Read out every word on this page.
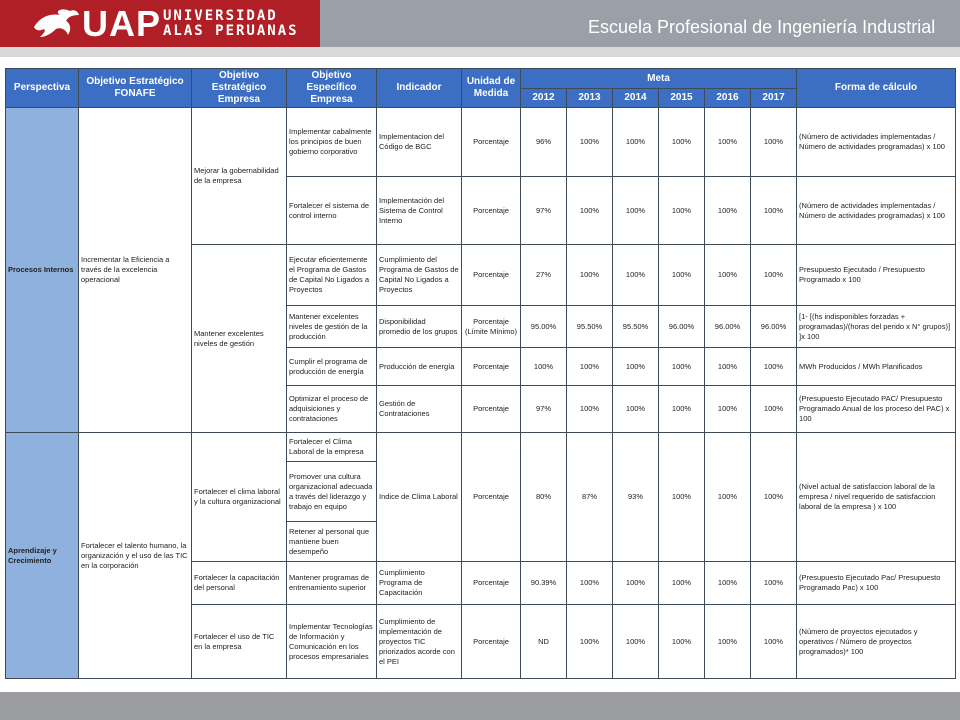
UAP UNIVERSIDAD
ALAS PERUANAS	Escuela Profesional de Ingeniería Industrial
Perspectiva	Objetivo Estratégico FONAFE	Objetivo Estratégico Empresa	Objetivo Específico Empresa	Indicador	Unidad de Medida	Meta						Forma de cálculo
						2012	2013	2014	2015	2016	2017	
Procesos Internos	Incrementar la Eficiencia a través de la excelencia operacional	Mejorar la gobernabilidad de la empresa	Implementar cabalmente los principios de buen gobierno corporativo	Implementacion del Código de BGC	Porcentaje	96%	100%	100%	100%	100%	100%	(Número de actividades implementadas / Número de actividades programadas) x 100
			Fortalecer el sistema de control interno	Implementación del Sistema de Control Interno	Porcentaje	97%	100%	100%	100%	100%	100%	(Número de actividades implementadas / Número de actividades programadas) x 100
		Mantener excelentes niveles de gestión	Ejecutar eficientemente el Programa de Gastos de Capital No Ligados a Proyectos	Cumplimiento del Programa de Gastos de Capital No Ligados a Proyectos	Porcentaje	27%	100%	100%	100%	100%	100%	Presupuesto Ejecutado / Presupuesto Programado x 100
			Mantener excelentes niveles de gestión de la producción	Disponibilidad promedio de los grupos	Porcentaje (Límite Mínimo)	95.00%	95.50%	95.50%	96.00%	96.00%	96.00%	[1- [(hs indisponibles forzadas + programadas)/(horas del perido x N° grupos)] ]x 100
			Cumplir el programa de producción de energía	Producción de energía	Porcentaje	100%	100%	100%	100%	100%	100%	MWh Producidos / MWh Planificados
			Optimizar el proceso de adquisiciones y contrataciones	Gestión de Contrataciones	Porcentaje	97%	100%	100%	100%	100%	100%	(Presupuesto Ejecutado PAC/ Presupuesto Programado Anual de los proceso del PAC) x 100
Aprendizaje y Crecimiento	Fortalecer el talento humano, la organización y el uso de las TIC en la corporación	Fortalecer el clima laboral y la cultura organizacional	Fortalecer el Clima Laboral de la empresa	Indice de Clima Laboral	Porcentaje	80%	87%	93%	100%	100%	100%	(Nivel actual de satisfaccion laboral de la empresa / nivel requerido de satisfaccion laboral de la empresa ) x 100
			Promover una cultura organizacional adecuada a través del liderazgo y trabajo en equipo									
			Retener al personal que mantiene buen desempeño									
		Fortalecer la capacitación del personal	Mantener programas de entrenamiento superior	Cumplimiento Programa de Capacitación	Porcentaje	90.39%	100%	100%	100%	100%	100%	(Presupuesto Ejecutado Pac/ Presupuesto Programado Pac) x 100
		Fortalecer el uso de TIC en la empresa	Implementar Tecnologías de Información y Comunicación en los procesos empresariales	Cumplimiento de implementación de proyectos TIC priorizados acorde con el PEI	Porcentaje	ND	100%	100%	100%	100%	100%	(Número de proyectos ejecutados y operativos / Número de proyectos programados)* 100
